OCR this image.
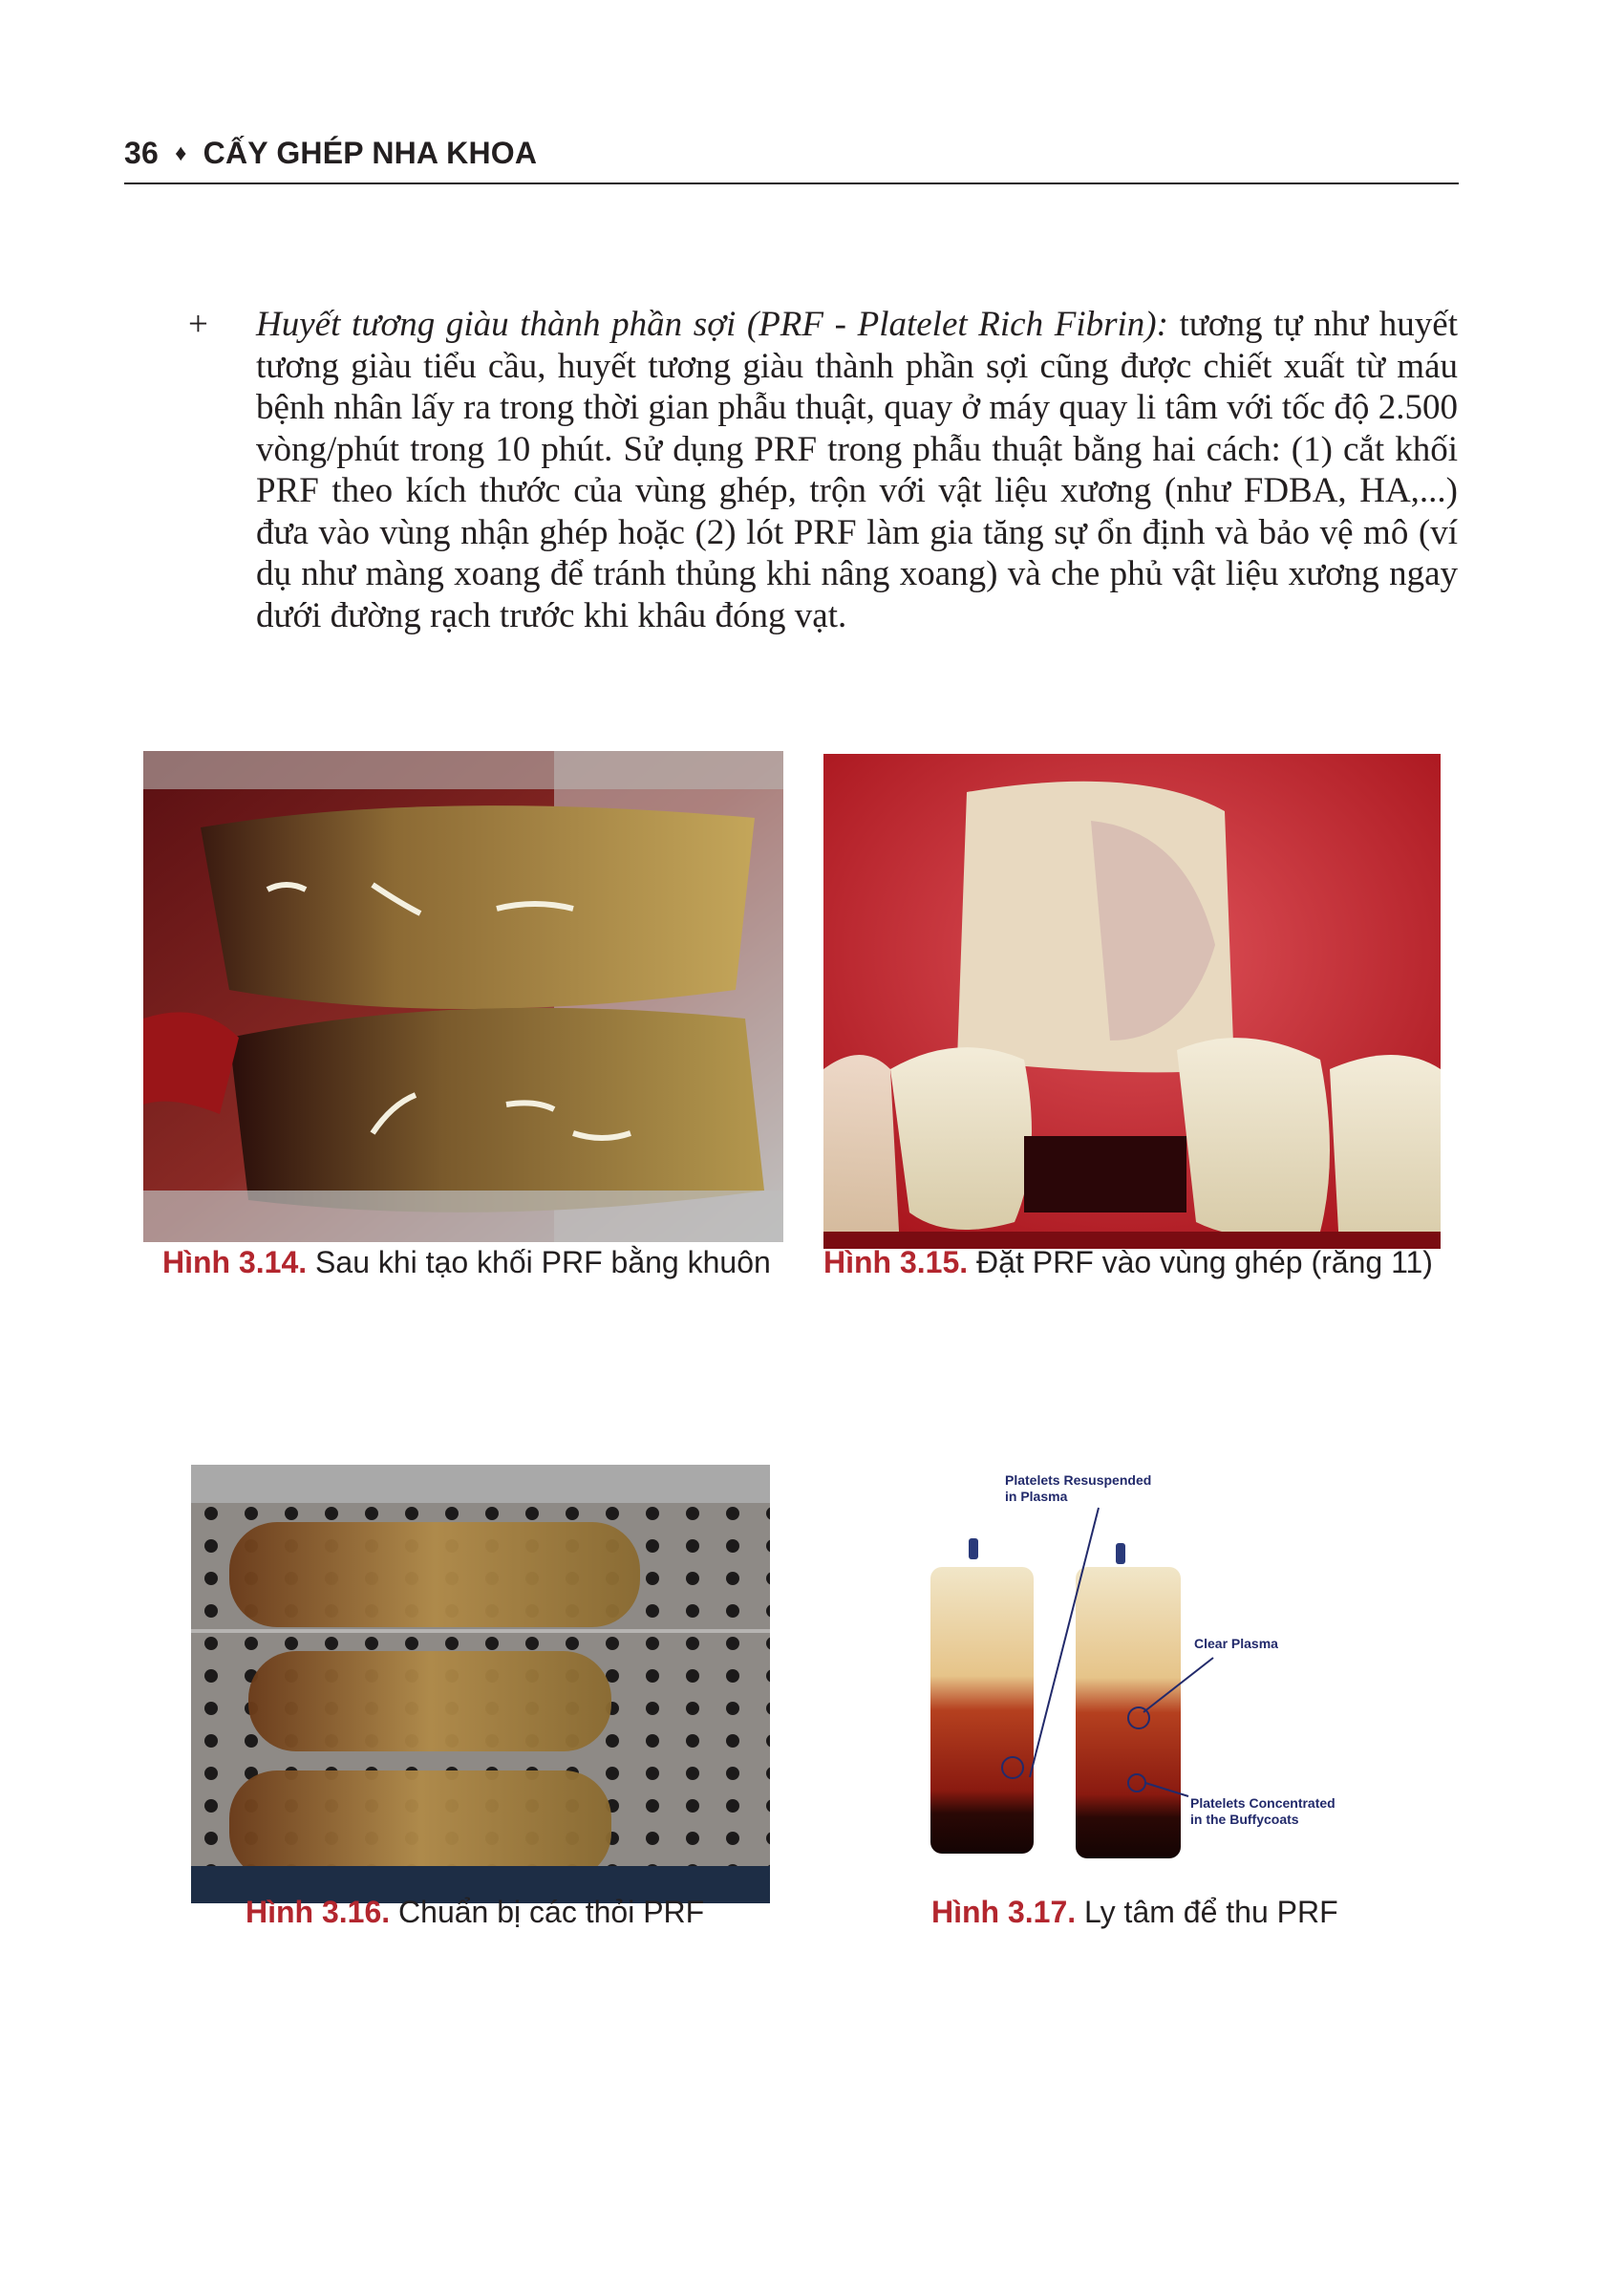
36 ♦ CẤY GHÉP NHA KHOA
+ Huyết tương giàu thành phần sợi (PRF - Platelet Rich Fibrin): tương tự như huyết tương giàu tiểu cầu, huyết tương giàu thành phần sợi cũng được chiết xuất từ máu bệnh nhân lấy ra trong thời gian phẫu thuật, quay ở máy quay li tâm với tốc độ 2.500 vòng/phút trong 10 phút. Sử dụng PRF trong phẫu thuật bằng hai cách: (1) cắt khối PRF theo kích thước của vùng ghép, trộn với vật liệu xương (như FDBA, HA,...) đưa vào vùng nhận ghép hoặc (2) lót PRF làm gia tăng sự ổn định và bảo vệ mô (ví dụ như màng xoang để tránh thủng khi nâng xoang) và che phủ vật liệu xương ngay dưới đường rạch trước khi khâu đóng vạt.
Hình 3.14. Sau khi tạo khối PRF bằng khuôn Hình 3.15. Đặt PRF vào vùng ghép (răng 11)
Hình 3.16. Chuẩn bị các thỏi PRF
Platelets Resuspended
in Plasma
Clear Plasma
Platelets Concentrated
in the Buffycoats
Hình 3.17. Ly tâm để thu PRF
